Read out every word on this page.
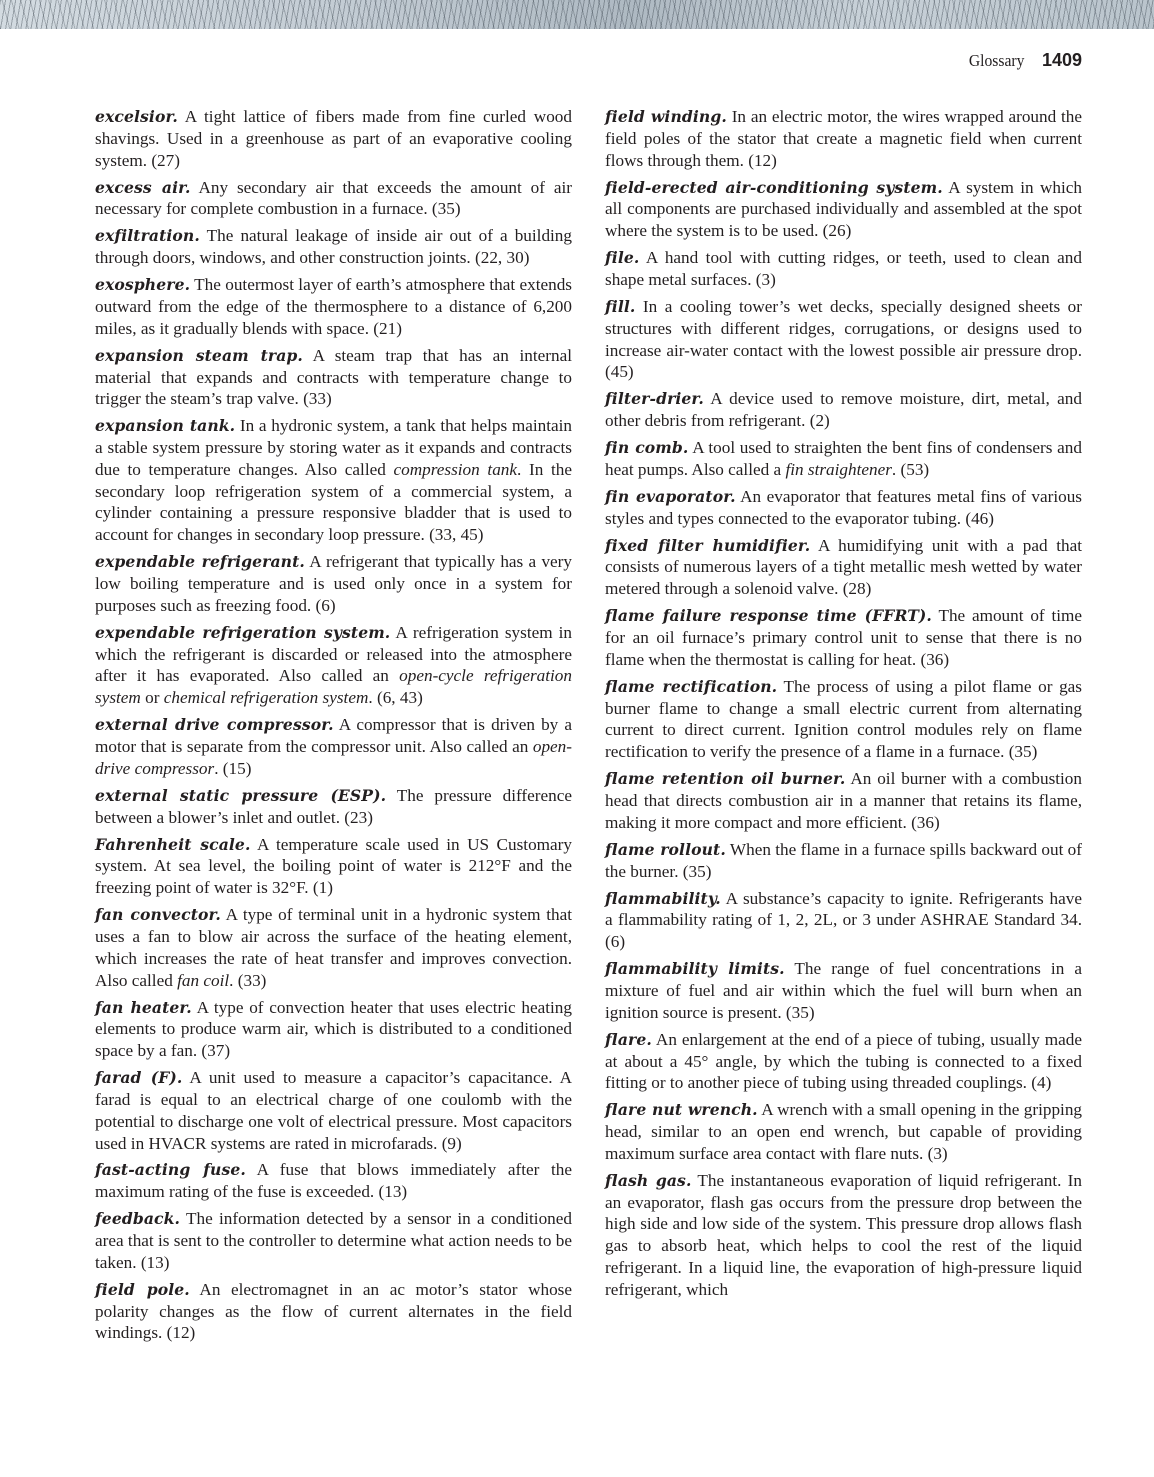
Glossary 1409

excelsior. A tight lattice of fibers made from fine curled wood shavings. Used in a greenhouse as part of an evaporative cooling system. (27)

excess air. Any secondary air that exceeds the amount of air necessary for complete combustion in a furnace. (35)

exfiltration. The natural leakage of inside air out of a building through doors, windows, and other construction joints. (22, 30)

exosphere. The outermost layer of earth’s atmosphere that extends outward from the edge of the thermosphere to a distance of 6,200 miles, as it gradually blends with space. (21)

expansion steam trap. A steam trap that has an internal material that expands and contracts with temperature change to trigger the steam’s trap valve. (33)

expansion tank. In a hydronic system, a tank that helps maintain a stable system pressure by storing water as it expands and contracts due to temperature changes. Also called compression tank. In the secondary loop refrigeration system of a commercial system, a cylinder containing a pressure responsive bladder that is used to account for changes in secondary loop pressure. (33, 45)

expendable refrigerant. A refrigerant that typically has a very low boiling temperature and is used only once in a system for purposes such as freezing food. (6)

expendable refrigeration system. A refrigeration system in which the refrigerant is discarded or released into the atmosphere after it has evaporated. Also called an open-cycle refrigeration system or chemical refrigeration system. (6, 43)

external drive compressor. A compressor that is driven by a motor that is separate from the compressor unit. Also called an open-drive compressor. (15)

external static pressure (ESP). The pressure difference between a blower’s inlet and outlet. (23)

Fahrenheit scale. A temperature scale used in US Customary system. At sea level, the boiling point of water is 212°F and the freezing point of water is 32°F. (1)

fan convector. A type of terminal unit in a hydronic system that uses a fan to blow air across the surface of the heating element, which increases the rate of heat transfer and improves convection. Also called fan coil. (33)

fan heater. A type of convection heater that uses electric heating elements to produce warm air, which is distributed to a conditioned space by a fan. (37)

farad (F). A unit used to measure a capacitor’s capacitance. A farad is equal to an electrical charge of one coulomb with the potential to discharge one volt of electrical pressure. Most capacitors used in HVACR systems are rated in microfarads. (9)

fast-acting fuse. A fuse that blows immediately after the maximum rating of the fuse is exceeded. (13)

feedback. The information detected by a sensor in a conditioned area that is sent to the controller to determine what action needs to be taken. (13)

field pole. An electromagnet in an ac motor’s stator whose polarity changes as the flow of current alternates in the field windings. (12)

field winding. In an electric motor, the wires wrapped around the field poles of the stator that create a magnetic field when current flows through them. (12)

field-erected air-conditioning system. A system in which all components are purchased individually and assembled at the spot where the system is to be used. (26)

file. A hand tool with cutting ridges, or teeth, used to clean and shape metal surfaces. (3)

fill. In a cooling tower’s wet decks, specially designed sheets or structures with different ridges, corrugations, or designs used to increase air-water contact with the lowest possible air pressure drop. (45)

filter-drier. A device used to remove moisture, dirt, metal, and other debris from refrigerant. (2)

fin comb. A tool used to straighten the bent fins of condensers and heat pumps. Also called a fin straightener. (53)

fin evaporator. An evaporator that features metal fins of various styles and types connected to the evaporator tubing. (46)

fixed filter humidifier. A humidifying unit with a pad that consists of numerous layers of a tight metallic mesh wetted by water metered through a solenoid valve. (28)

flame failure response time (FFRT). The amount of time for an oil furnace’s primary control unit to sense that there is no flame when the thermostat is calling for heat. (36)

flame rectification. The process of using a pilot flame or gas burner flame to change a small electric current from alternating current to direct current. Ignition control modules rely on flame rectification to verify the presence of a flame in a furnace. (35)

flame retention oil burner. An oil burner with a combustion head that directs combustion air in a manner that retains its flame, making it more compact and more efficient. (36)

flame rollout. When the flame in a furnace spills backward out of the burner. (35)

flammability. A substance’s capacity to ignite. Refrigerants have a flammability rating of 1, 2, 2L, or 3 under ASHRAE Standard 34. (6)

flammability limits. The range of fuel concentrations in a mixture of fuel and air within which the fuel will burn when an ignition source is present. (35)

flare. An enlargement at the end of a piece of tubing, usually made at about a 45° angle, by which the tubing is connected to a fixed fitting or to another piece of tubing using threaded couplings. (4)

flare nut wrench. A wrench with a small opening in the gripping head, similar to an open end wrench, but capable of providing maximum surface area contact with flare nuts. (3)

flash gas. The instantaneous evaporation of liquid refrigerant. In an evaporator, flash gas occurs from the pressure drop between the high side and low side of the system. This pressure drop allows flash gas to absorb heat, which helps to cool the rest of the liquid refrigerant. In a liquid line, the evaporation of high-pressure liquid refrigerant, which
